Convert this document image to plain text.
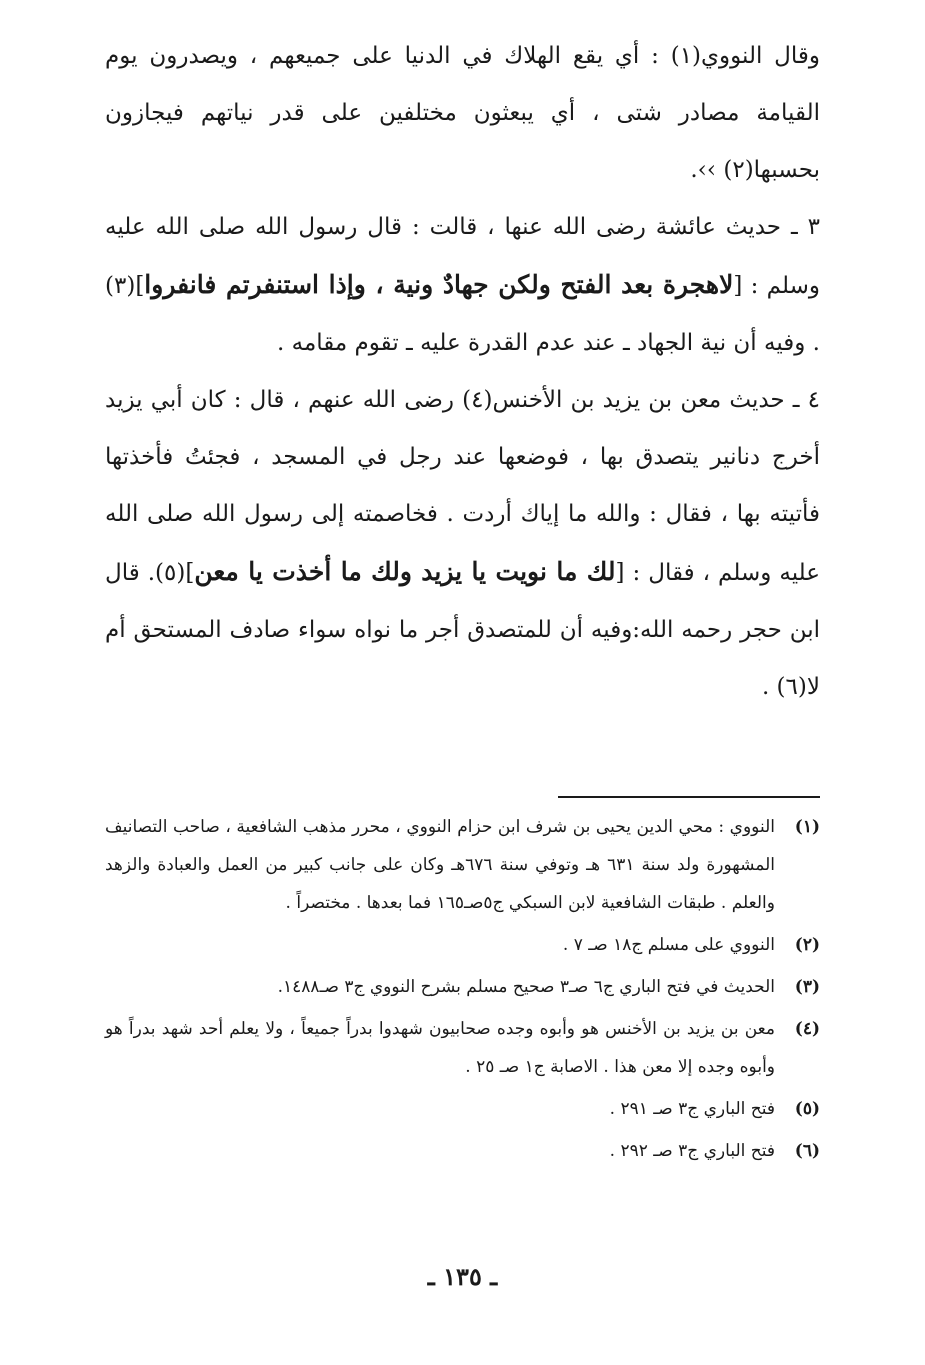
وقال النووي(١) : أي يقع الهلاك في الدنيا على جميعهم ، ويصدرون يوم القيامة مصادر شتى ، أي يبعثون مختلفين على قدر نياتهم فيجازون بحسبها(٢) ››.

٣ ـ حديث عائشة رضى الله عنها ، قالت : قال رسول الله صلى الله عليه وسلم : [لاهجرة بعد الفتح ولكن جهادٌ ونية ، وإذا استنفرتم فانفروا](٣) . وفيه أن نية الجهاد ـ عند عدم القدرة عليه ـ تقوم مقامه .

٤ ـ حديث معن بن يزيد بن الأخنس(٤) رضى الله عنهم ، قال : كان أبي يزيد أخرج دنانير يتصدق بها ، فوضعها عند رجل في المسجد ، فجئتُ فأخذتها فأتيته بها ، فقال : والله ما إياك أردت . فخاصمته إلى رسول الله صلى الله عليه وسلم ، فقال : [لك ما نويت يا يزيد ولك ما أخذت يا معن](٥). قال ابن حجر رحمه الله:وفيه أن للمتصدق أجر ما نواه سواء صادف المستحق أم لا(٦) .

(١)
النووي : محي الدين يحيى بن شرف ابن حزام النووي ، محرر مذهب الشافعية ، صاحب التصانيف المشهورة ولد سنة ٦٣١ هـ وتوفي سنة ٦٧٦هـ وكان على جانب كبير من العمل والعبادة والزهد والعلم . طبقات الشافعية لابن السبكي ج٥صـ١٦٥ فما بعدها . مختصراً .
(٢)
النووي على مسلم ج١٨ صـ ٧ .
(٣)
الحديث في فتح الباري ج٦ صـ٣ صحيح مسلم بشرح النووي ج٣ صـ١٤٨٨.
(٤)
معن بن يزيد بن الأخنس هو وأبوه وجده صحابيون شهدوا بدراً جميعاً ، ولا يعلم أحد شهد بدراً هو وأبوه وجده إلا معن هذا . الاصابة ج١ صـ ٢٥ .
(٥)
فتح الباري ج٣ صـ ٢٩١ .
(٦)
فتح الباري ج٣ صـ ٢٩٢ .
ـ ١٣٥ ـ
